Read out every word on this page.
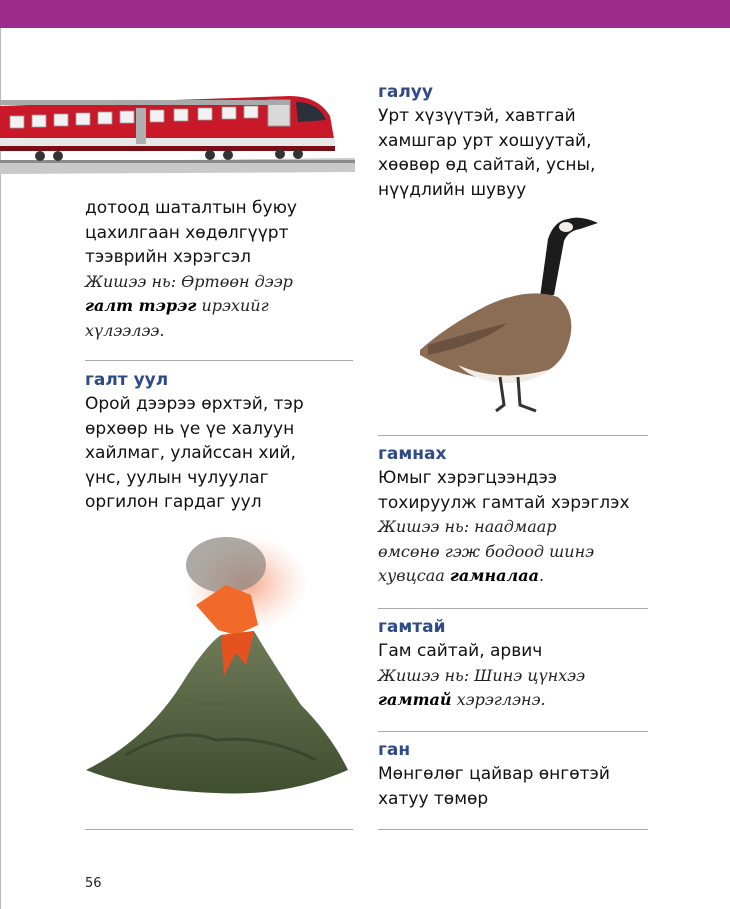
дотоод шаталтын буюу
цахилгаан хөдөлгүүрт
тээврийн хэрэгсэл

Жишээ нь: Өртөөн дээр
галт тэрэг ирэхийг
хүлээлээ.

галт уул

Орой дээрээ өрхтэй, тэр
өрхөөр нь үе үе халуун
хайлмаг, улайссан хий,
үнс, уулын чулуулаг
оргилон гардаг уул

галуу

Урт хүзүүтэй, хавтгай
хамшгар урт хошуутай,
хөөвөр өд сайтай, усны,
нүүдлийн шувуу

гамнах

Юмыг хэрэгцээндээ
тохируулж гамтай хэрэглэх

Жишээ нь: наадмаар
өмсөнө гэж бодоод шинэ
хувцсаа гамналаа.

гамтай

Гам сайтай, арвич

Жишээ нь: Шинэ цүнхээ
гамтай хэрэглэнэ.

ган

Мөнгөлөг цайвар өнгөтэй
хатуу төмөр

56
